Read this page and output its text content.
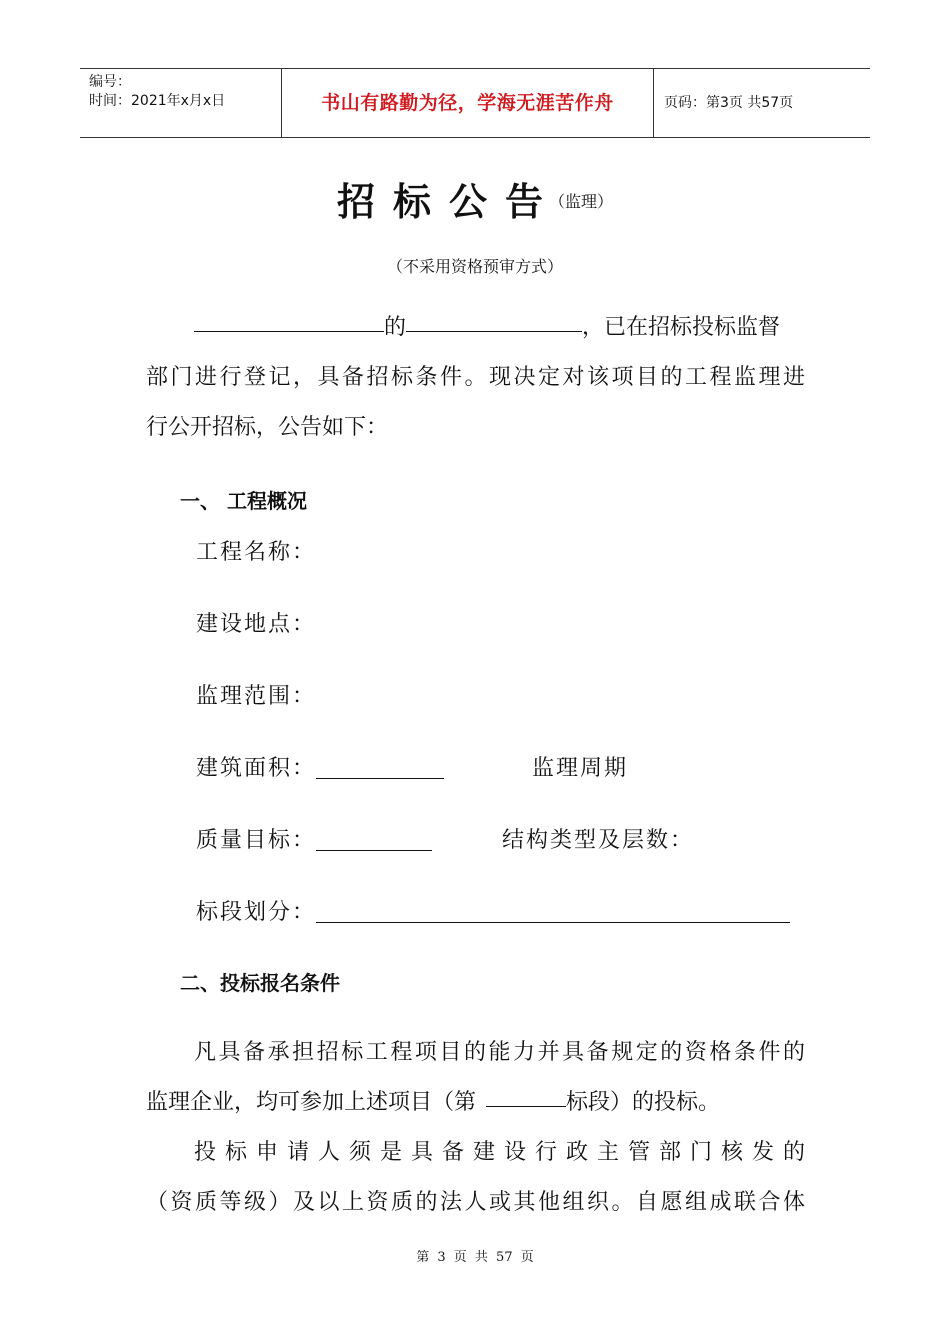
编号：
时间：2021年x月x日	书山有路勤为径，学海无涯苦作舟	页码：第3页 共57页
招标公告（监理）
（不采用资格预审方式）
的	，已在招标投标监督
部门进行登记，具备招标条件。现决定对该项目的工程监理进
行公开招标，公告如下：
一、 工程概况
工程名称：
建设地点：
监理范围：
建筑面积：	监理周期
质量目标：	结构类型及层数：
标段划分：
二、投标报名条件
凡具备承担招标工程项目的能力并具备规定的资格条件的
监理企业，均可参加上述项目（第	标段）的投标。
投标申请人须是具备建设行政主管部门核发的
（资质等级）及以上资质的法人或其他组织。自愿组成联合体
第 3 页 共 57 页
